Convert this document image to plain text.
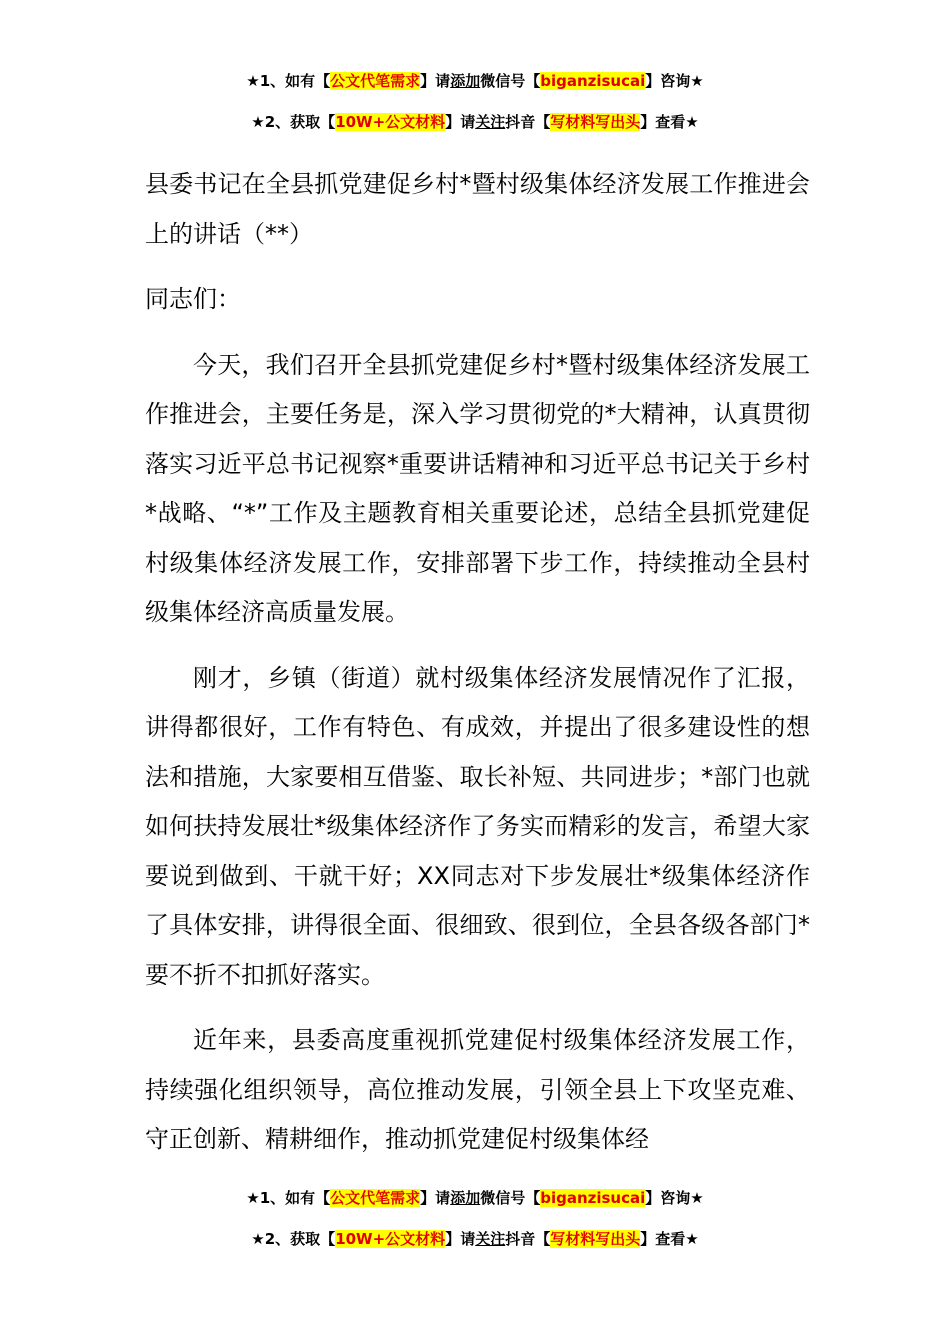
★1、如有【公文代笔需求】请添加微信号【biganzisucai】咨询★
★2、获取【10W+公文材料】请关注抖音【写材料写出头】查看★

县委书记在全县抓党建促乡村*暨村级集体经济发展工作推进会上的讲话（**）

同志们：

今天，我们召开全县抓党建促乡村*暨村级集体经济发展工作推进会，主要任务是，深入学习贯彻党的*大精神，认真贯彻落实习近平总书记视察*重要讲话精神和习近平总书记关于乡村*战略、“*”工作及主题教育相关重要论述，总结全县抓党建促村级集体经济发展工作，安排部署下步工作，持续推动全县村级集体经济高质量发展。

刚才，乡镇（街道）就村级集体经济发展情况作了汇报，讲得都很好，工作有特色、有成效，并提出了很多建设性的想法和措施，大家要相互借鉴、取长补短、共同进步；*部门也就如何扶持发展壮*级集体经济作了务实而精彩的发言，希望大家要说到做到、干就干好；XX同志对下步发展壮*级集体经济作了具体安排，讲得很全面、很细致、很到位，全县各级各部门*要不折不扣抓好落实。

近年来，县委高度重视抓党建促村级集体经济发展工作，持续强化组织领导，高位推动发展，引领全县上下攻坚克难、守正创新、精耕细作，推动抓党建促村级集体经

★1、如有【公文代笔需求】请添加微信号【biganzisucai】咨询★
★2、获取【10W+公文材料】请关注抖音【写材料写出头】查看★
